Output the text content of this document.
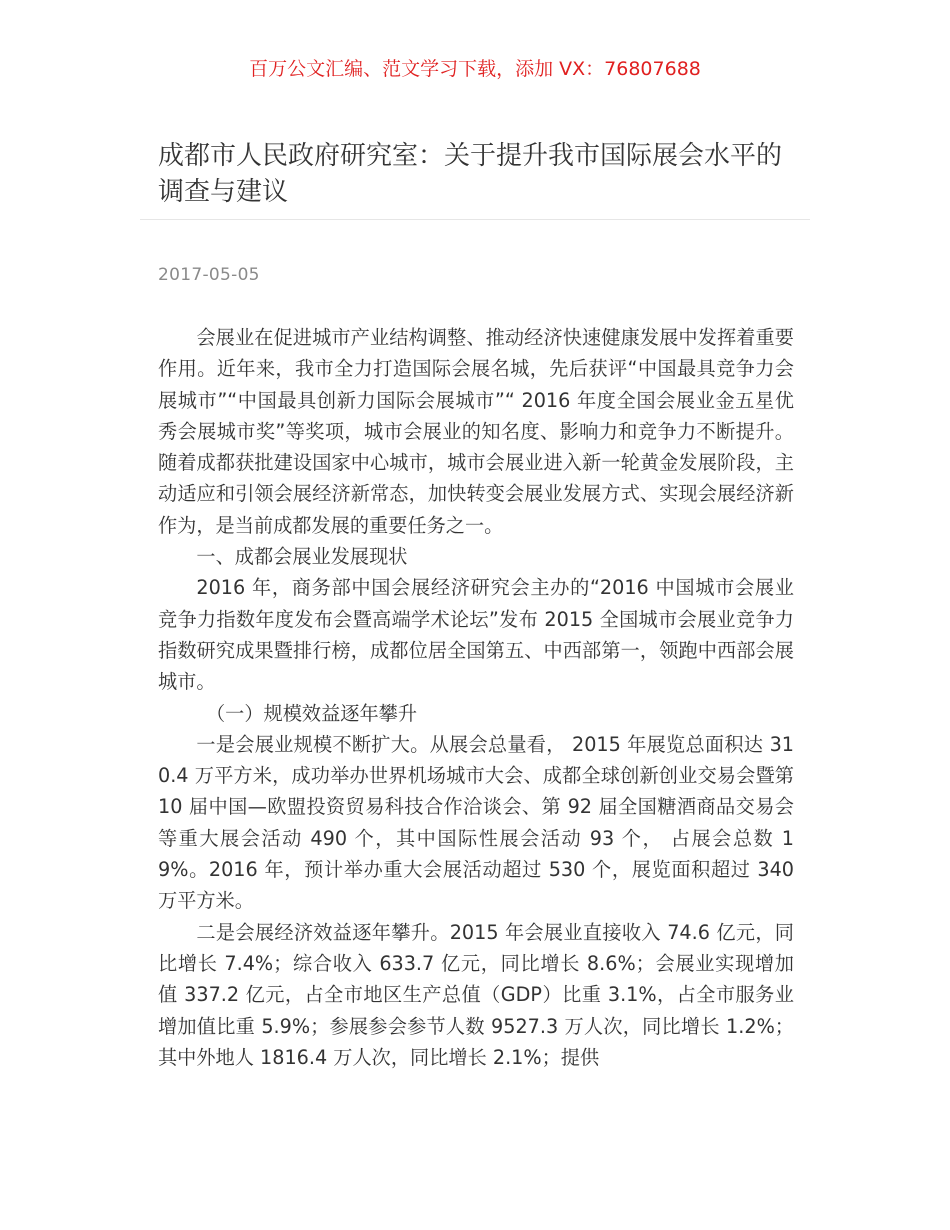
百万公文汇编、范文学习下载，添加 VX：76807688
成都市人民政府研究室：关于提升我市国际展会水平的调查与建议
2017-05-05

会展业在促进城市产业结构调整、推动经济快速健康发展中发挥着重要作用。近年来，我市全力打造国际会展名城，先后获评“中国最具竞争力会展城市”“中国最具创新力国际会展城市”“ 2016 年度全国会展业金五星优秀会展城市奖”等奖项，城市会展业的知名度、影响力和竞争力不断提升。随着成都获批建设国家中心城市，城市会展业进入新一轮黄金发展阶段，主动适应和引领会展经济新常态，加快转变会展业发展方式、实现会展经济新作为，是当前成都发展的重要任务之一。

一、成都会展业发展现状

2016 年，商务部中国会展经济研究会主办的“2016 中国城市会展业竞争力指数年度发布会暨高端学术论坛”发布 2015 全国城市会展业竞争力指数研究成果暨排行榜，成都位居全国第五、中西部第一，领跑中西部会展城市。

（一）规模效益逐年攀升

一是会展业规模不断扩大。从展会总量看， 2015 年展览总面积达 310.4 万平方米，成功举办世界机场城市大会、成都全球创新创业交易会暨第 10 届中国—欧盟投资贸易科技合作洽谈会、第 92 届全国糖酒商品交易会等重大展会活动 490 个，其中国际性展会活动 93 个， 占展会总数 19%。2016 年，预计举办重大会展活动超过 530 个，展览面积超过 340 万平方米。

二是会展经济效益逐年攀升。2015 年会展业直接收入 74.6 亿元，同比增长 7.4%；综合收入 633.7 亿元，同比增长 8.6%；会展业实现增加值 337.2 亿元，占全市地区生产总值（GDP）比重 3.1%，占全市服务业增加值比重 5.9%；参展参会参节人数 9527.3 万人次，同比增长 1.2%；其中外地人 1816.4 万人次，同比增长 2.1%；提供
